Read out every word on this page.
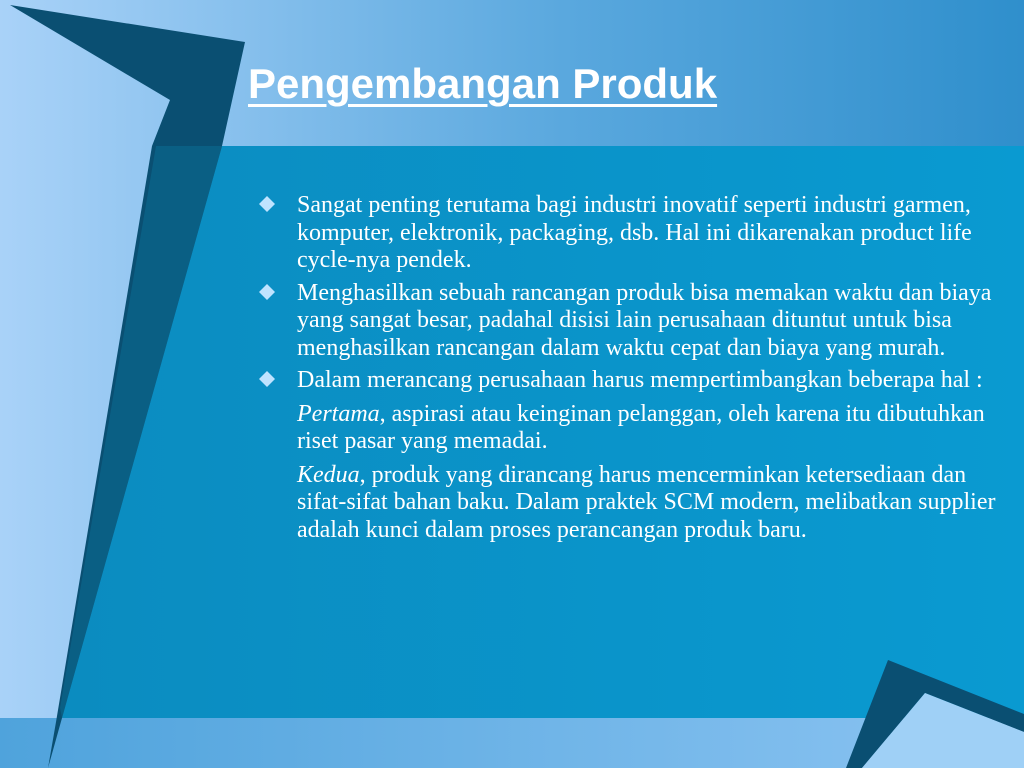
Pengembangan Produk
Sangat penting terutama bagi industri inovatif seperti industri garmen, komputer, elektronik, packaging, dsb. Hal ini dikarenakan product life cycle-nya pendek.
Menghasilkan sebuah rancangan produk bisa memakan waktu dan biaya yang sangat besar, padahal disisi lain perusahaan dituntut untuk bisa menghasilkan rancangan dalam waktu cepat dan biaya yang murah.
Dalam merancang perusahaan harus mempertimbangkan beberapa hal :
Pertama, aspirasi atau keinginan pelanggan, oleh karena itu dibutuhkan riset pasar yang memadai.
Kedua, produk yang dirancang harus mencerminkan ketersediaan dan sifat-sifat bahan baku. Dalam praktek SCM modern, melibatkan supplier adalah kunci dalam proses perancangan produk baru.
